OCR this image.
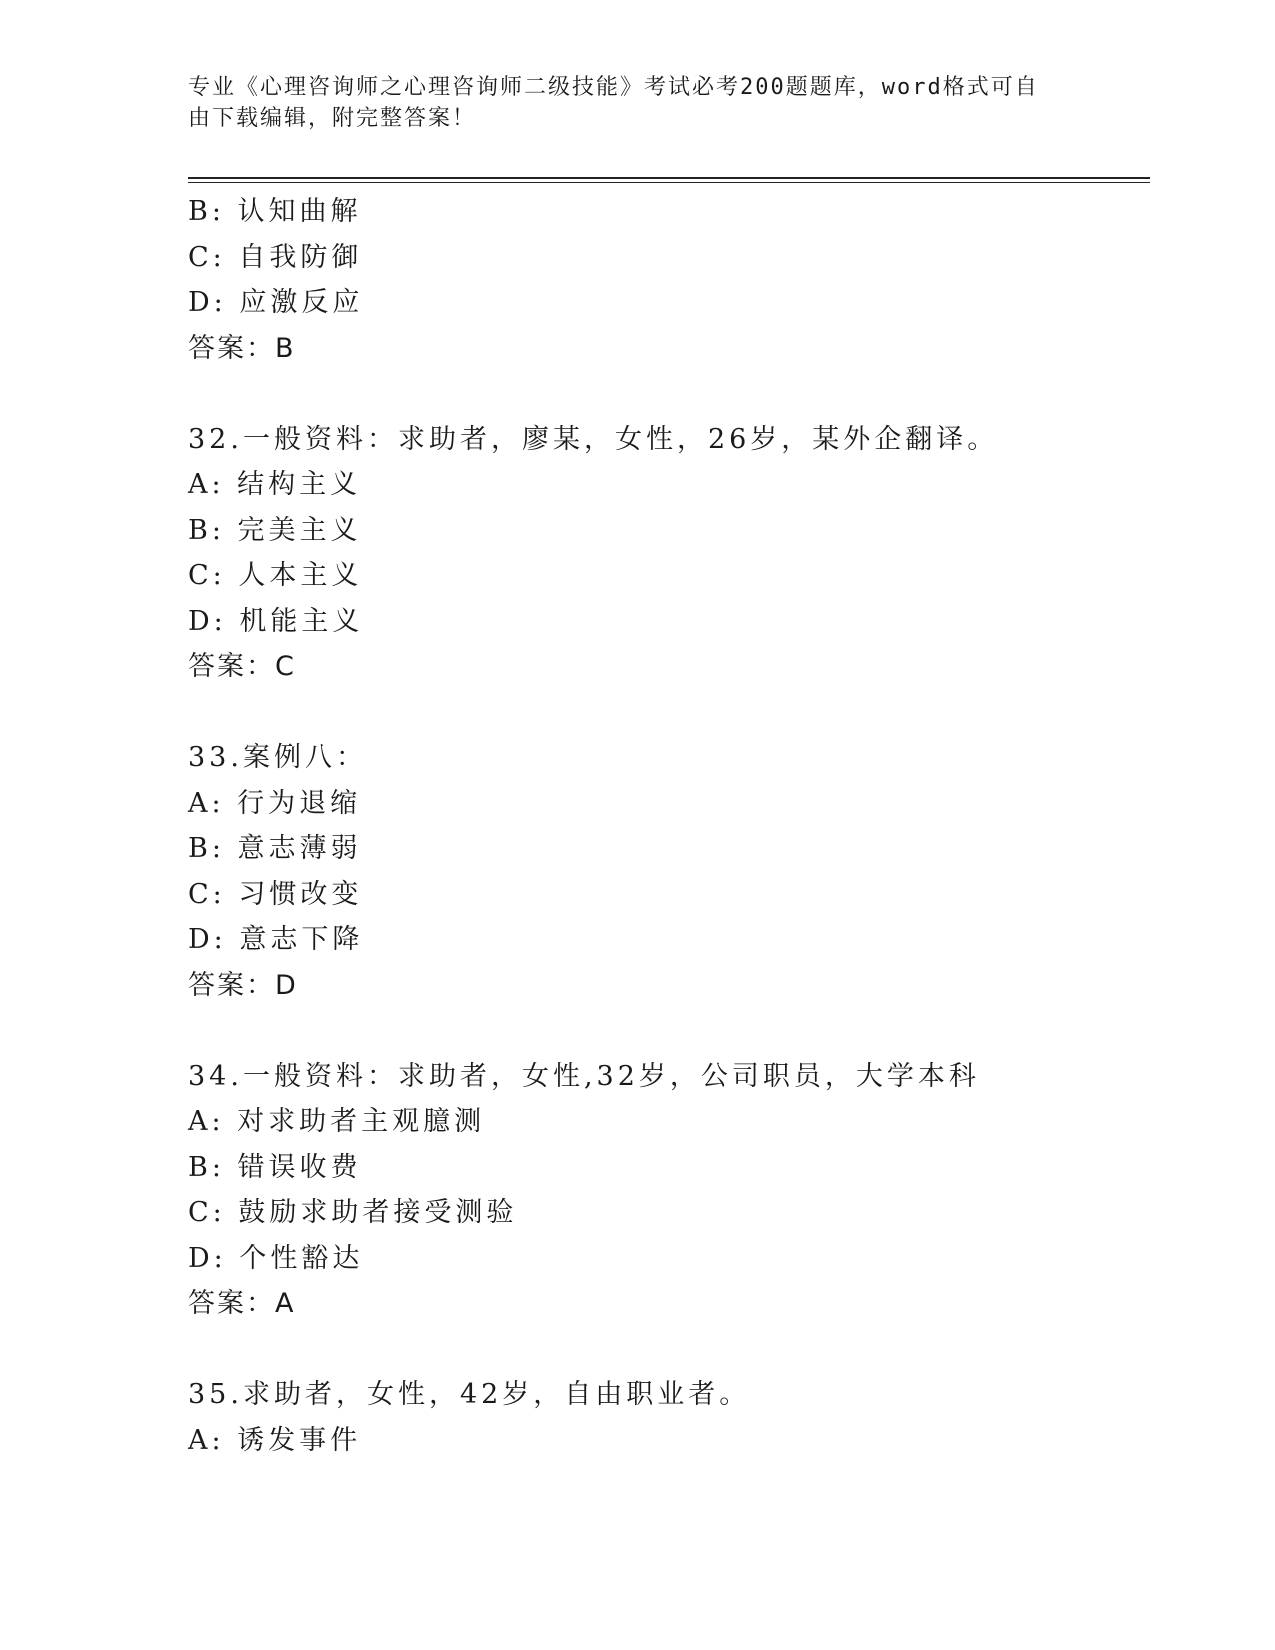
专业《心理咨询师之心理咨询师二级技能》考试必考200题题库，word格式可自
由下载编辑，附完整答案！
B: 认知曲解
C: 自我防御
D: 应激反应
答案：B
32.一般资料：求助者，廖某，女性，26岁，某外企翻译。
A: 结构主义
B: 完美主义
C: 人本主义
D: 机能主义
答案：C
33.案例八：
A: 行为退缩
B: 意志薄弱
C: 习惯改变
D: 意志下降
答案：D
34.一般资料：求助者，女性,32岁，公司职员，大学本科
A: 对求助者主观臆测
B: 错误收费
C: 鼓励求助者接受测验
D: 个性豁达
答案：A
35.求助者，女性，42岁，自由职业者。
A: 诱发事件
